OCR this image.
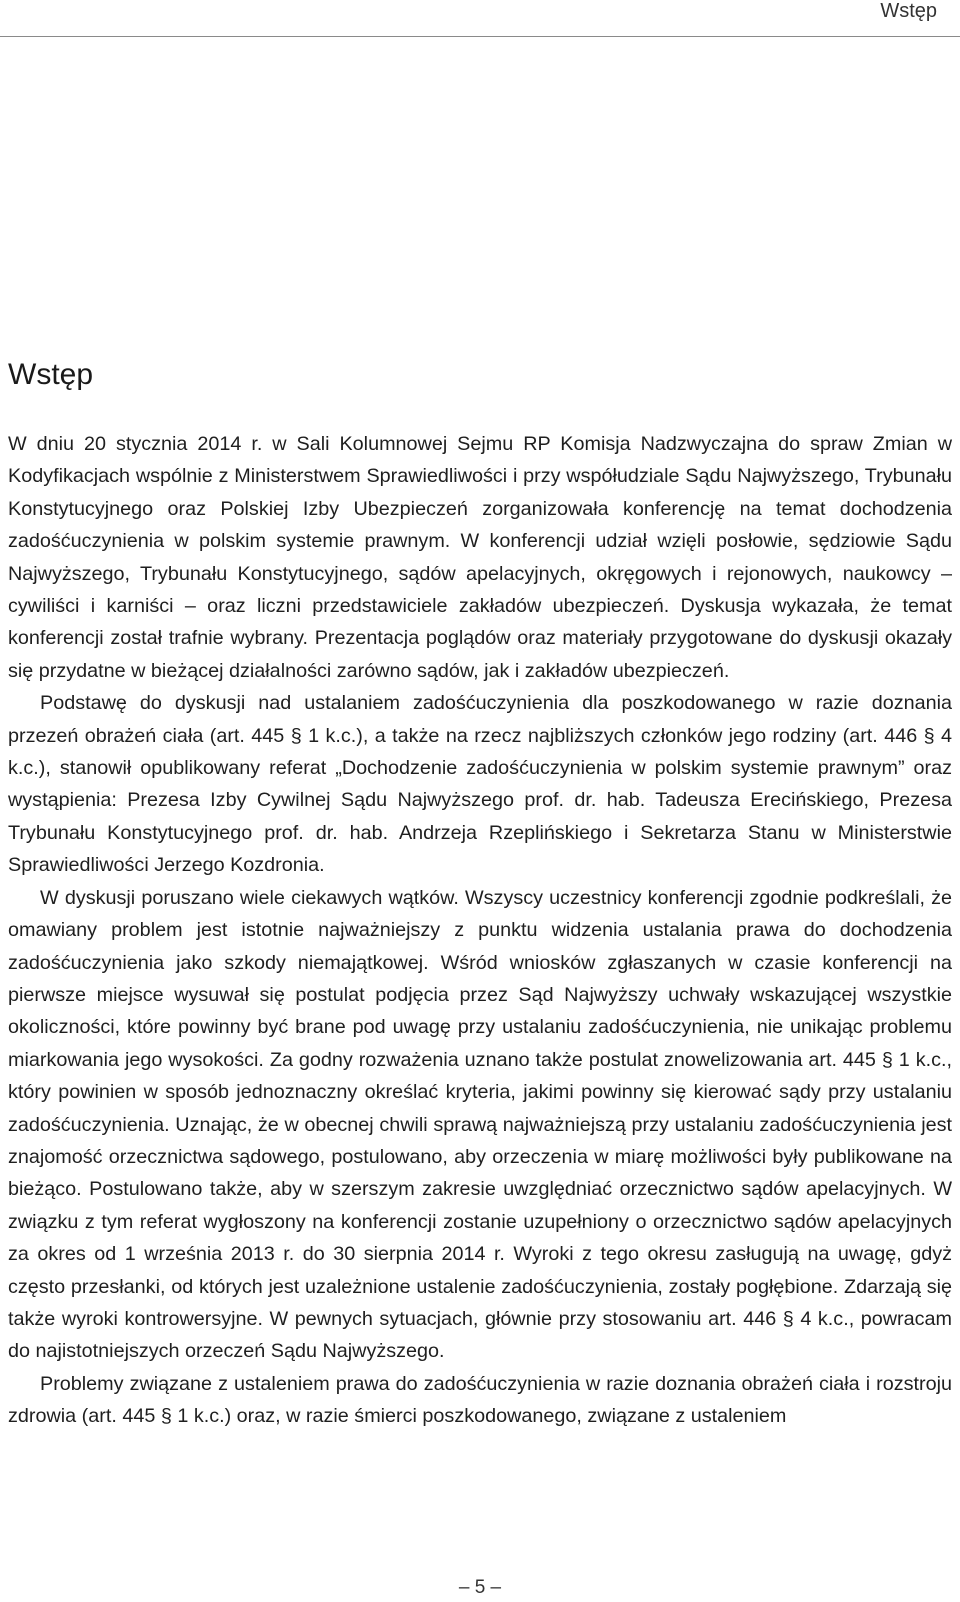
Wstęp
Wstęp

W dniu 20 stycznia 2014 r. w Sali Kolumnowej Sejmu RP Komisja Nadzwyczajna do spraw Zmian w Kodyfikacjach wspólnie z Ministerstwem Sprawiedliwości i przy współudziale Sądu Najwyższego, Trybunału Konstytucyjnego oraz Polskiej Izby Ubezpieczeń zorganizowała konferencję na temat dochodzenia zadośćuczynienia w polskim systemie prawnym. W konferencji udział wzięli posłowie, sędziowie Sądu Najwyższego, Trybunału Konstytucyjnego, sądów apelacyjnych, okręgowych i rejonowych, naukowcy – cywiliści i karniści – oraz liczni przedstawiciele zakładów ubezpieczeń. Dyskusja wykazała, że temat konferencji został trafnie wybrany. Prezentacja poglądów oraz materiały przygotowane do dyskusji okazały się przydatne w bieżącej działalności zarówno sądów, jak i zakładów ubezpieczeń.

Podstawę do dyskusji nad ustalaniem zadośćuczynienia dla poszkodowanego w razie doznania przezeń obrażeń ciała (art. 445 § 1 k.c.), a także na rzecz najbliższych członków jego rodziny (art. 446 § 4 k.c.), stanowił opublikowany referat „Dochodzenie zadośćuczynienia w polskim systemie prawnym” oraz wystąpienia: Prezesa Izby Cywilnej Sądu Najwyższego prof. dr. hab. Tadeusza Erecińskiego, Prezesa Trybunału Konstytucyjnego prof. dr. hab. Andrzeja Rzeplińskiego i Sekretarza Stanu w Ministerstwie Sprawiedliwości Jerzego Kozdronia.

W dyskusji poruszano wiele ciekawych wątków. Wszyscy uczestnicy konferencji zgodnie podkreślali, że omawiany problem jest istotnie najważniejszy z punktu widzenia ustalania prawa do dochodzenia zadośćuczynienia jako szkody niemajątkowej. Wśród wniosków zgłaszanych w czasie konferencji na pierwsze miejsce wysuwał się postulat podjęcia przez Sąd Najwyższy uchwały wskazującej wszystkie okoliczności, które powinny być brane pod uwagę przy ustalaniu zadośćuczynienia, nie unikając problemu miarkowania jego wysokości. Za godny rozważenia uznano także postulat znowelizowania art. 445 § 1 k.c., który powinien w sposób jednoznaczny określać kryteria, jakimi powinny się kierować sądy przy ustalaniu zadośćuczynienia. Uznając, że w obecnej chwili sprawą najważniejszą przy ustalaniu zadośćuczynienia jest znajomość orzecznictwa sądowego, postulowano, aby orzeczenia w miarę możliwości były publikowane na bieżąco. Postulowano także, aby w szerszym zakresie uwzględniać orzecznictwo sądów apelacyjnych. W związku z tym referat wygłoszony na konferencji zostanie uzupełniony o orzecznictwo sądów apelacyjnych za okres od 1 września 2013 r. do 30 sierpnia 2014 r. Wyroki z tego okresu zasługują na uwagę, gdyż często przesłanki, od których jest uzależnione ustalenie zadośćuczynienia, zostały pogłębione. Zdarzają się także wyroki kontrowersyjne. W pewnych sytuacjach, głównie przy stosowaniu art. 446 § 4 k.c., powracam do najistotniejszych orzeczeń Sądu Najwyższego.

Problemy związane z ustaleniem prawa do zadośćuczynienia w razie doznania obrażeń ciała i rozstroju zdrowia (art. 445 § 1 k.c.) oraz, w razie śmierci poszkodowanego, związane z ustaleniem

– 5 –
